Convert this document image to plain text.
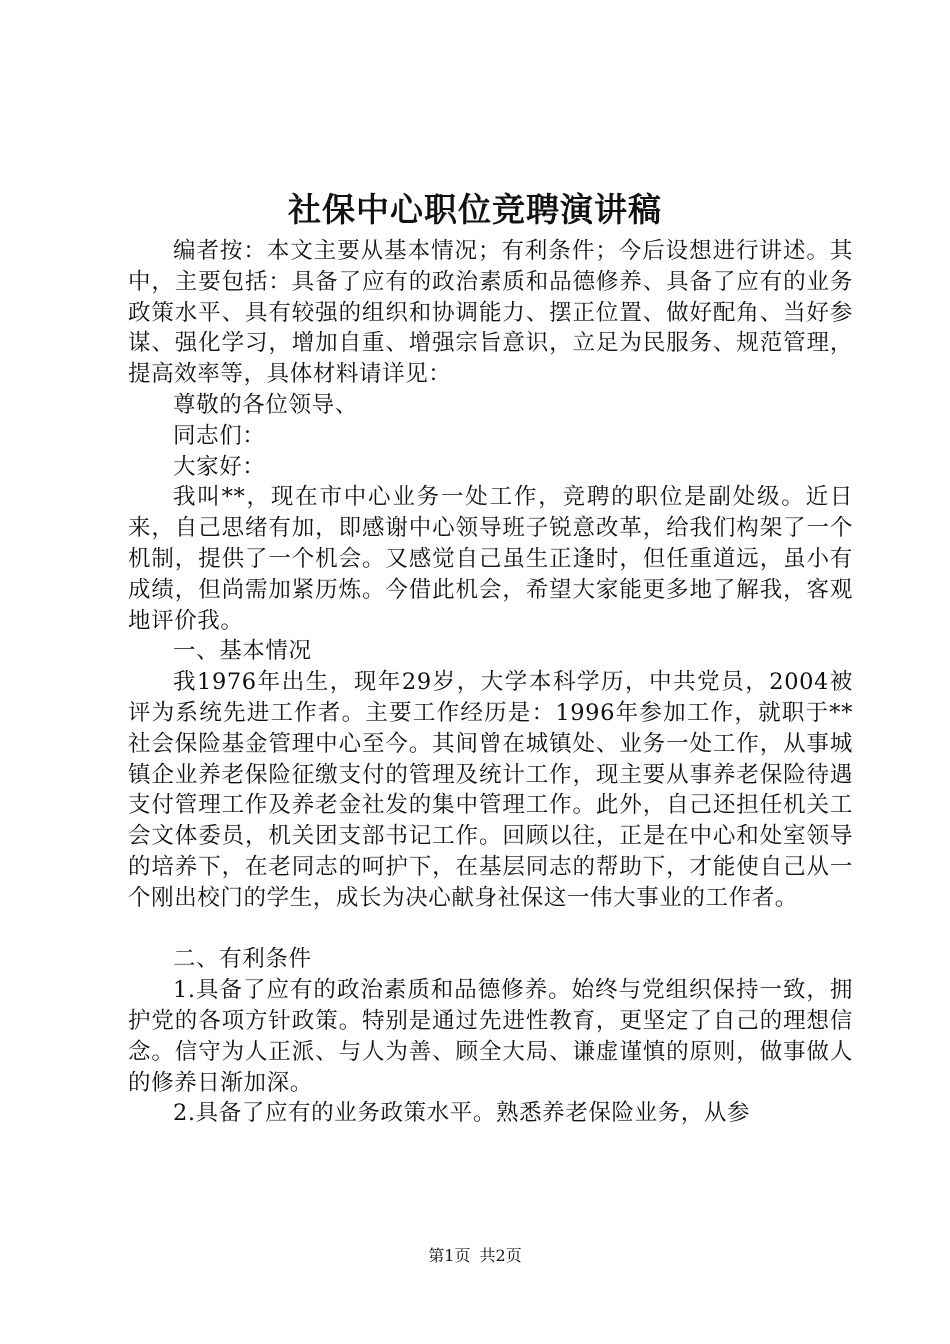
社保中心职位竞聘演讲稿

编者按：本文主要从基本情况；有利条件；今后设想进行讲述。其中，主要包括：具备了应有的政治素质和品德修养、具备了应有的业务政策水平、具有较强的组织和协调能力、摆正位置、做好配角、当好参谋、强化学习，增加自重、增强宗旨意识，立足为民服务、规范管理，提高效率等，具体材料请详见：

尊敬的各位领导、

同志们：

大家好：

我叫**，现在市中心业务一处工作，竞聘的职位是副处级。近日来，自己思绪有加，即感谢中心领导班子锐意改革，给我们构架了一个机制，提供了一个机会。又感觉自己虽生正逢时，但任重道远，虽小有成绩，但尚需加紧历炼。今借此机会，希望大家能更多地了解我，客观地评价我。

一、基本情况

我1976年出生，现年29岁，大学本科学历，中共党员，2004被评为系统先进工作者。主要工作经历是：1996年参加工作，就职于**社会保险基金管理中心至今。其间曾在城镇处、业务一处工作，从事城镇企业养老保险征缴支付的管理及统计工作，现主要从事养老保险待遇支付管理工作及养老金社发的集中管理工作。此外，自己还担任机关工会文体委员，机关团支部书记工作。回顾以往，正是在中心和处室领导的培养下，在老同志的呵护下，在基层同志的帮助下，才能使自己从一个刚出校门的学生，成长为决心献身社保这一伟大事业的工作者。

二、有利条件

1.具备了应有的政治素质和品德修养。始终与党组织保持一致，拥护党的各项方针政策。特别是通过先进性教育，更坚定了自己的理想信念。信守为人正派、与人为善、顾全大局、谦虚谨慎的原则，做事做人的修养日渐加深。

2.具备了应有的业务政策水平。熟悉养老保险业务，从参

第1页 共2页
